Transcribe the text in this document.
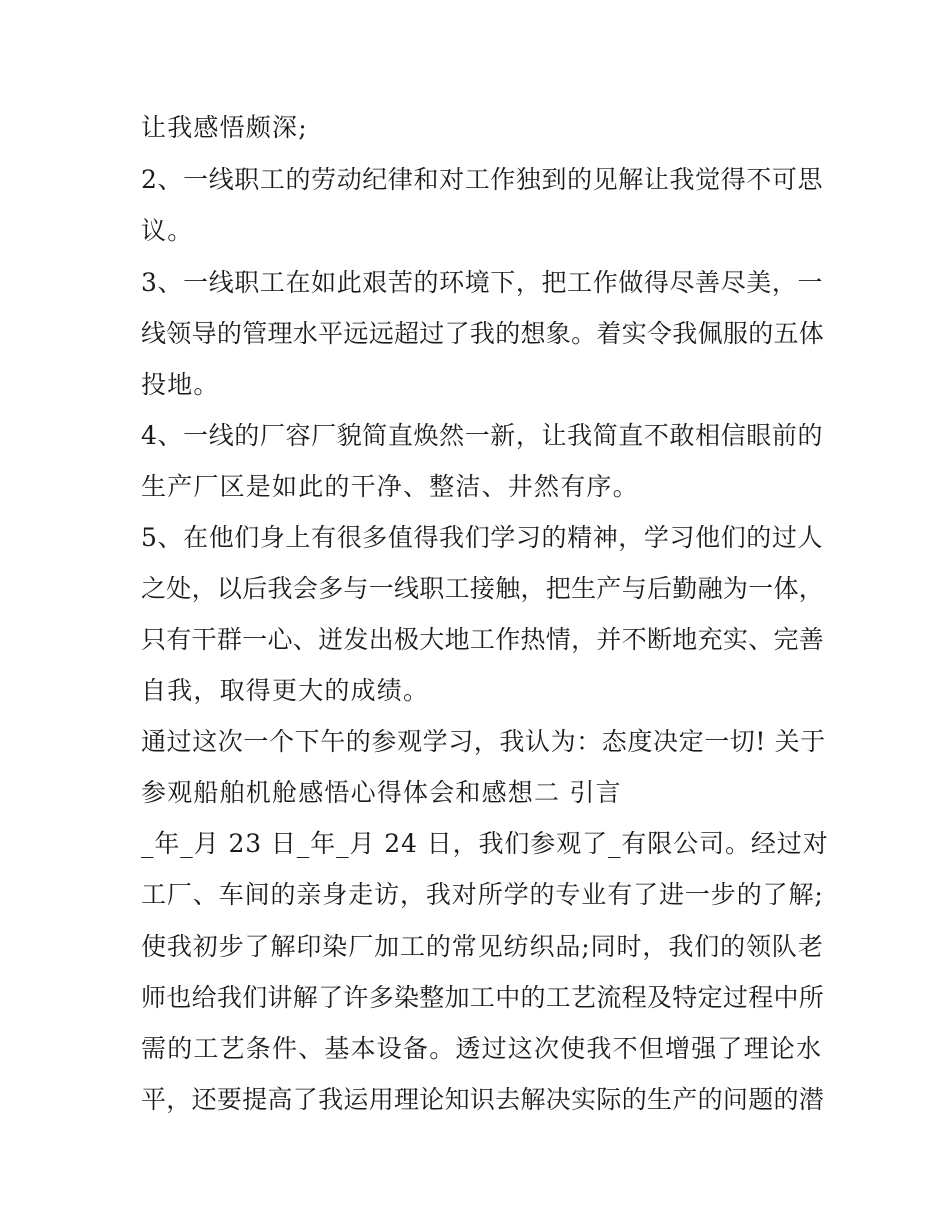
让我感悟颇深;
2、一线职工的劳动纪律和对工作独到的见解让我觉得不可思
议。
3、一线职工在如此艰苦的环境下，把工作做得尽善尽美，一
线领导的管理水平远远超过了我的想象。着实令我佩服的五体
投地。
4、一线的厂容厂貌简直焕然一新，让我简直不敢相信眼前的
生产厂区是如此的干净、整洁、井然有序。
5、在他们身上有很多值得我们学习的精神，学习他们的过人
之处，以后我会多与一线职工接触，把生产与后勤融为一体，
只有干群一心、迸发出极大地工作热情，并不断地充实、完善
自我，取得更大的成绩。
通过这次一个下午的参观学习，我认为：态度决定一切! 关于
参观船舶机舱感悟心得体会和感想二 引言
_年_月 23 日_年_月 24 日，我们参观了_有限公司。经过对
工厂、车间的亲身走访，我对所学的专业有了进一步的了解;
使我初步了解印染厂加工的常见纺织品;同时，我们的领队老
师也给我们讲解了许多染整加工中的工艺流程及特定过程中所
需的工艺条件、基本设备。透过这次使我不但增强了理论水
平，还要提高了我运用理论知识去解决实际的生产的问题的潜
